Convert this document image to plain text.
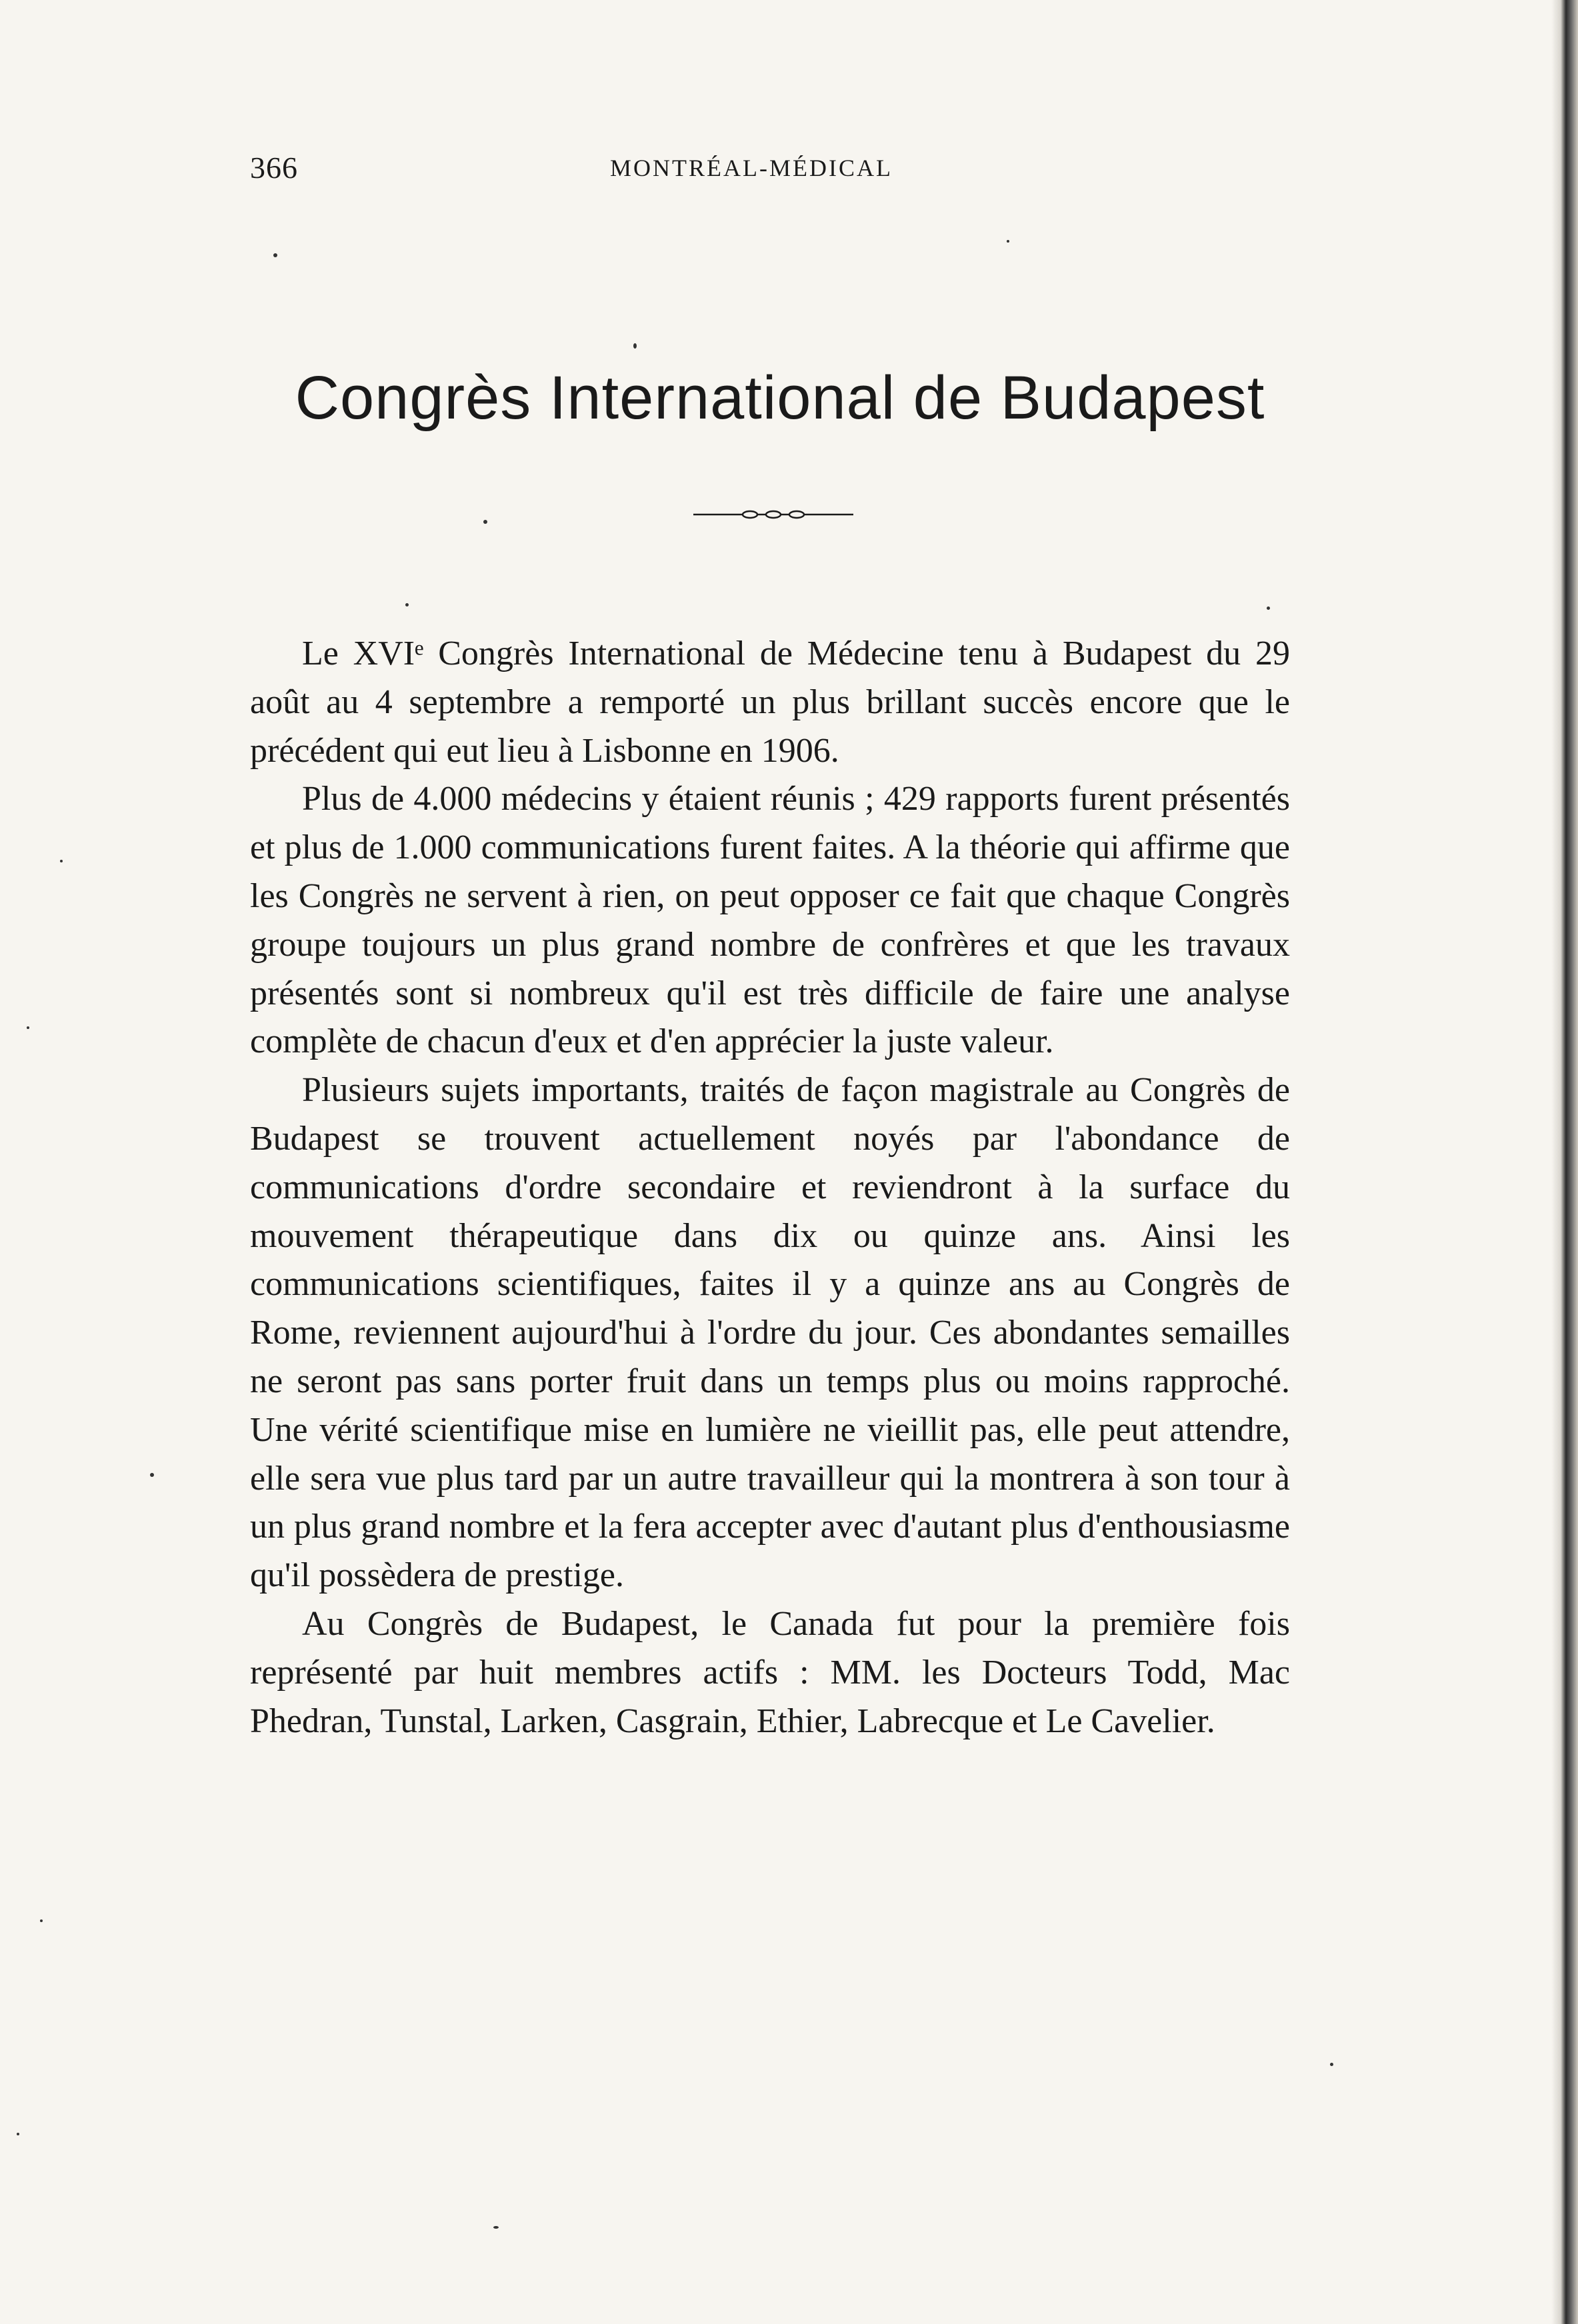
366	MONTRÉAL-MÉDICAL
Congrès International de Budapest

Le XVIᵉ Congrès International de Médecine tenu à Budapest du 29 août au 4 septembre a remporté un plus brillant succès encore que le précédent qui eut lieu à Lisbonne en 1906.

Plus de 4.000 médecins y étaient réunis ; 429 rapports furent présentés et plus de 1.000 communications furent faites. A la théorie qui affirme que les Congrès ne servent à rien, on peut opposer ce fait que chaque Congrès groupe toujours un plus grand nombre de confrères et que les travaux présentés sont si nombreux qu'il est très difficile de faire une analyse complète de chacun d'eux et d'en apprécier la juste valeur.

Plusieurs sujets importants, traités de façon magistrale au Congrès de Budapest se trouvent actuellement noyés par l'abondance de communications d'ordre secondaire et reviendront à la surface du mouvement thérapeutique dans dix ou quinze ans. Ainsi les communications scientifiques, faites il y a quinze ans au Congrès de Rome, reviennent aujourd'hui à l'ordre du jour. Ces abondantes semailles ne seront pas sans porter fruit dans un temps plus ou moins rapproché. Une vérité scientifique mise en lumière ne vieillit pas, elle peut attendre, elle sera vue plus tard par un autre travailleur qui la montrera à son tour à un plus grand nombre et la fera accepter avec d'autant plus d'enthousiasme qu'il possèdera de prestige.

Au Congrès de Budapest, le Canada fut pour la première fois représenté par huit membres actifs : MM. les Docteurs Todd, Mac Phedran, Tunstal, Larken, Casgrain, Ethier, Labrecque et Le Cavelier.
